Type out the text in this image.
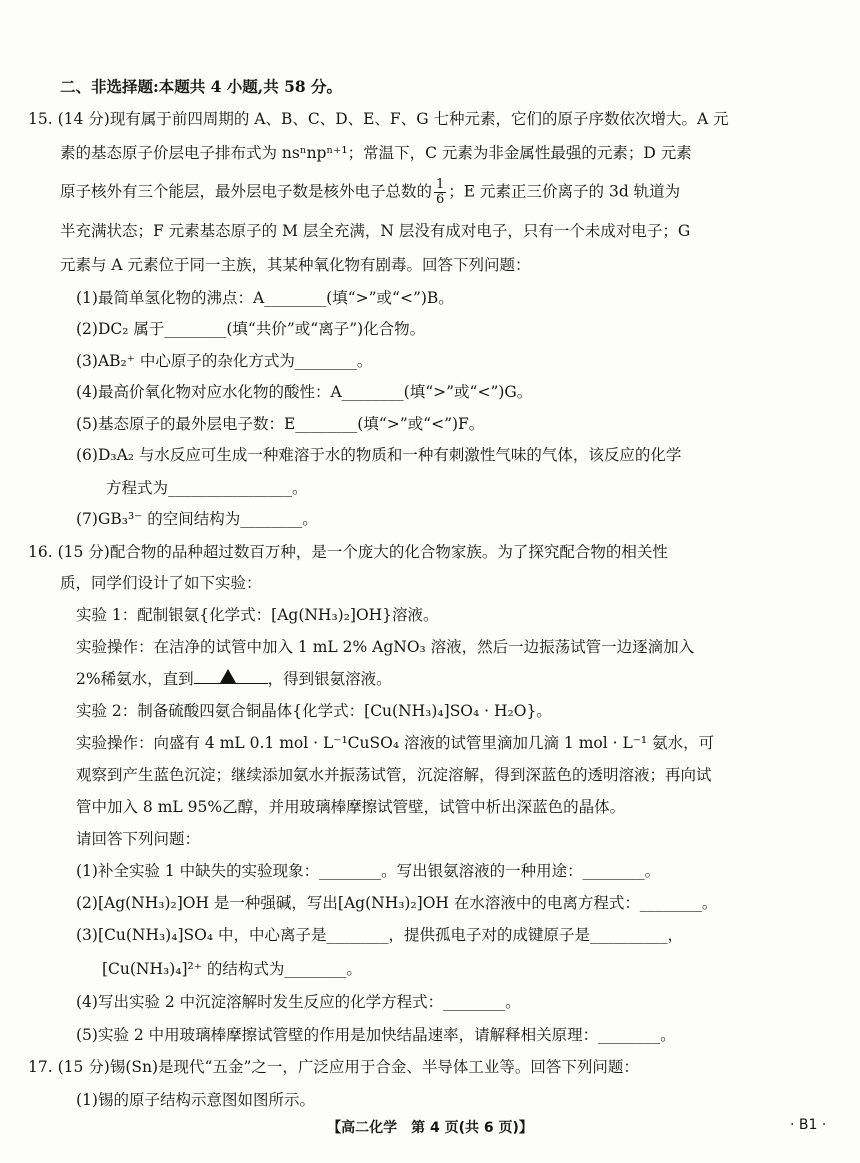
二、非选择题:本题共 4 小题,共 58 分。
15. (14 分)现有属于前四周期的 A、B、C、D、E、F、G 七种元素，它们的原子序数依次增大。A 元
素的基态原子价层电子排布式为 nsⁿnpⁿ⁺¹；常温下，C 元素为非金属性最强的元素；D 元素
原子核外有三个能层，最外层电子数是核外电子总数的 $\frac{1}{6}$ ；E 元素正三价离子的 3d 轨道为
半充满状态；F 元素基态原子的 M 层全充满，N 层没有成对电子，只有一个未成对电子；G
元素与 A 元素位于同一主族，其某种氧化物有剧毒。回答下列问题：
(1)最简单氢化物的沸点：A________(填“>”或“<”)B。
(2)DC₂ 属于________(填“共价”或“离子”)化合物。
(3)AB₂⁺ 中心原子的杂化方式为________。
(4)最高价氧化物对应水化物的酸性：A________(填“>”或“<”)G。
(5)基态原子的最外层电子数：E________(填“>”或“<”)F。
(6)D₃A₂ 与水反应可生成一种难溶于水的物质和一种有刺激性气味的气体，该反应的化学
方程式为________________。
(7)GB₃³⁻ 的空间结构为________。
16. (15 分)配合物的品种超过数百万种，是一个庞大的化合物家族。为了探究配合物的相关性
质，同学们设计了如下实验：
实验 1：配制银氨{化学式：[Ag(NH₃)₂]OH}溶液。
实验操作：在洁净的试管中加入 1 mL 2% AgNO₃ 溶液，然后一边振荡试管一边逐滴加入
2%稀氨水，直到	，得到银氨溶液。
实验 2：制备硫酸四氨合铜晶体{化学式：[Cu(NH₃)₄]SO₄ · H₂O}。
实验操作：向盛有 4 mL 0.1 mol · L⁻¹CuSO₄ 溶液的试管里滴加几滴 1 mol · L⁻¹ 氨水，可
观察到产生蓝色沉淀；继续添加氨水并振荡试管，沉淀溶解，得到深蓝色的透明溶液；再向试
管中加入 8 mL 95%乙醇，并用玻璃棒摩擦试管壁，试管中析出深蓝色的晶体。
请回答下列问题：
(1)补全实验 1 中缺失的实验现象：________。写出银氨溶液的一种用途：________。
(2)[Ag(NH₃)₂]OH 是一种强碱，写出[Ag(NH₃)₂]OH 在水溶液中的电离方程式：________。
(3)[Cu(NH₃)₄]SO₄ 中，中心离子是________，提供孤电子对的成键原子是__________，
[Cu(NH₃)₄]²⁺ 的结构式为________。
(4)写出实验 2 中沉淀溶解时发生反应的化学方程式：________。
(5)实验 2 中用玻璃棒摩擦试管壁的作用是加快结晶速率，请解释相关原理：________。
17. (15 分)锡(Sn)是现代“五金”之一，广泛应用于合金、半导体工业等。回答下列问题：
(1)锡的原子结构示意图如图所示。
【高二化学　第 4 页(共 6 页)】	· B1 ·
